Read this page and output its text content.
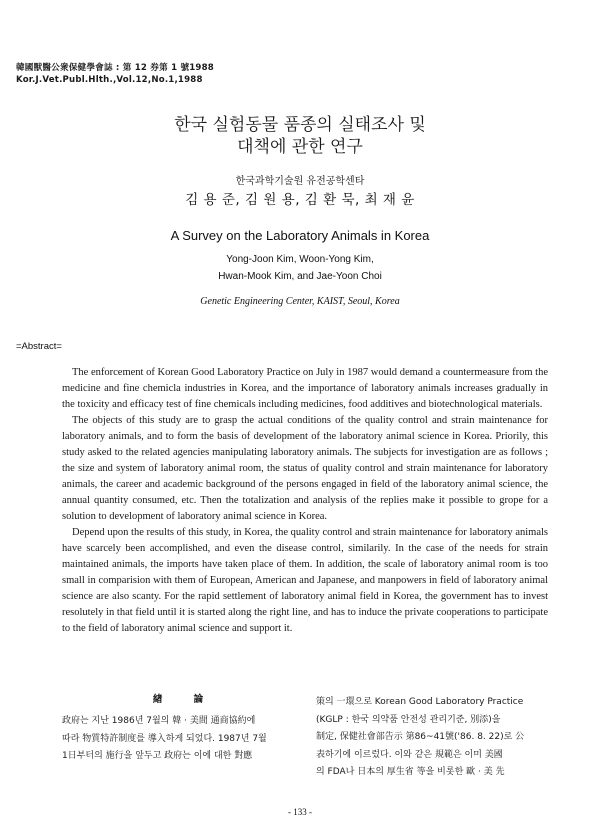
韓國獸醫公衆保健學會誌 : 第 12 券第 1 號1988
Kor.J.Vet.Publ.Hlth.,Vol.12,No.1,1988
한국 실험동물 품종의 실태조사 및
대책에 관한 연구
한국과학기술원 유전공학센타
김 용 준, 김 원 용, 김 환 묵, 최 재 윤
A Survey on the Laboratory Animals in Korea
Yong-Joon Kim, Woon-Yong Kim,
Hwan-Mook Kim, and Jae-Yoon Choi
Genetic Engineering Center, KAIST, Seoul, Korea
=Abstract=

The enforcement of Korean Good Laboratory Practice on July in 1987 would demand a countermeasure from the medicine and fine chemicla industries in Korea, and the importance of laboratory animals increases gradually in the toxicity and efficacy test of fine chemicals including medicines, food additives and biotechnological materials.

The objects of this study are to grasp the actual conditions of the quality control and strain maintenance for laboratory animals, and to form the basis of development of the laboratory animal science in Korea. Priorily, this study asked to the related agencies manipulating laboratory animals. The subjects for investigation are as follows ; the size and system of laboratory animal room, the status of quality control and strain maintenance for laboratory animals, the career and academic background of the persons engaged in field of the laboratory animal science, the annual quantity consumed, etc. Then the totalization and analysis of the replies make it possible to grope for a solution to development of laboratory animal science in Korea.

Depend upon the results of this study, in Korea, the quality control and strain maintenance for laboratory animals have scarcely been accomplished, and even the disease control, similarily. In the case of the needs for strain maintained animals, the imports have taken place of them. In addition, the scale of laboratory animal room is too small in comparision with them of European, American and Japanese, and manpowers in field of laboratory animal science are also scanty. For the rapid settlement of laboratory animal field in Korea, the government has to invest resolutely in that field until it is started along the right line, and has to induce the private cooperations to participate to the field of laboratory animal science and support it.

緖 論

政府는 지난 1986년 7월의 韓 · 美間 通商協約에
따라 物質特許制度를 導入하게 되었다. 1987년 7월
1日부터의 施行을 앞두고 政府는 이에 대한 對應

策의 一環으로 Korean Good Laboratory Practice
(KGLP : 한국 의약품 안전성 관리기준, 別添)을
制定, 保健社會部告示 第86~41號('86. 8. 22)로 公
表하기에 이르렀다. 이와 같은 規範은 이미 美國
의 FDA나 日本의 厚生省 等을 비롯한 歐 · 美 先

- 133 -
